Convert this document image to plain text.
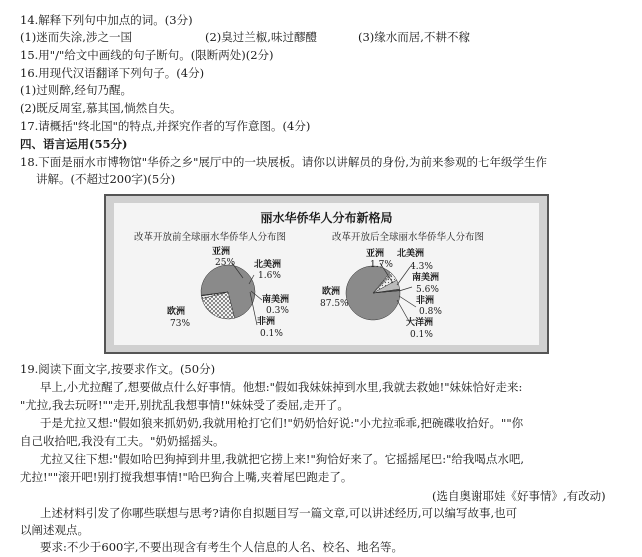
14.解释下列句中加点的词。(3分)
(1)迷而失涂,涉之一国	(2)臭过兰椒,味过醪醴	(3)缘水而居,不耕不稼
15.用"/"给文中画线的句子断句。(限断两处)(2分)
16.用现代汉语翻译下列句子。(4分)
(1)过则醉,经旬乃醒。
(2)既反周室,慕其国,惝然自失。
17.请概括"终北国"的特点,并探究作者的写作意图。(4分)
四、语言运用(55分)
18.下面是丽水市博物馆"华侨之乡"展厅中的一块展板。请你以讲解员的身份,为前来参观的七年级学生作
讲解。(不超过200字)(5分)
丽水华侨华人分布新格局
改革开放前全球丽水华侨华人分布图	改革开放后全球丽水华侨华人分布图
亚洲
25% 北美洲
1.6%
南美洲
0.3%
非洲
0.1%
欧洲
73%
亚洲
1.7%
北美洲
4.3%
南美洲
5.6%
非洲
0.8%
大洋洲
0.1%
欧洲
87.5%
19.阅读下面文字,按要求作文。(50分)
早上,小尤拉醒了,想要做点什么好事情。他想:"假如我妹妹掉到水里,我就去救她!"妹妹恰好走来:
"尤拉,我去玩呀!""走开,别扰乱我想事情!"妹妹受了委屈,走开了。
于是尤拉又想:"假如狼来抓奶奶,我就用枪打它们!"奶奶恰好说:"小尤拉乖乖,把碗碟收拾好。""你
自己收拾吧,我没有工夫。"奶奶摇摇头。
尤拉又往下想:"假如哈巴狗掉到井里,我就把它捞上来!"狗恰好来了。它摇摇尾巴:"给我喝点水吧,
尤拉!""滚开吧!别打搅我想事情!"哈巴狗合上嘴,夹着尾巴跑走了。
(选自奥谢耶娃《好事情》,有改动)
上述材料引发了你哪些联想与思考?请你自拟题目写一篇文章,可以讲述经历,可以编写故事,也可
以阐述观点。
要求:不少于600字,不要出现含有考生个人信息的人名、校名、地名等。
